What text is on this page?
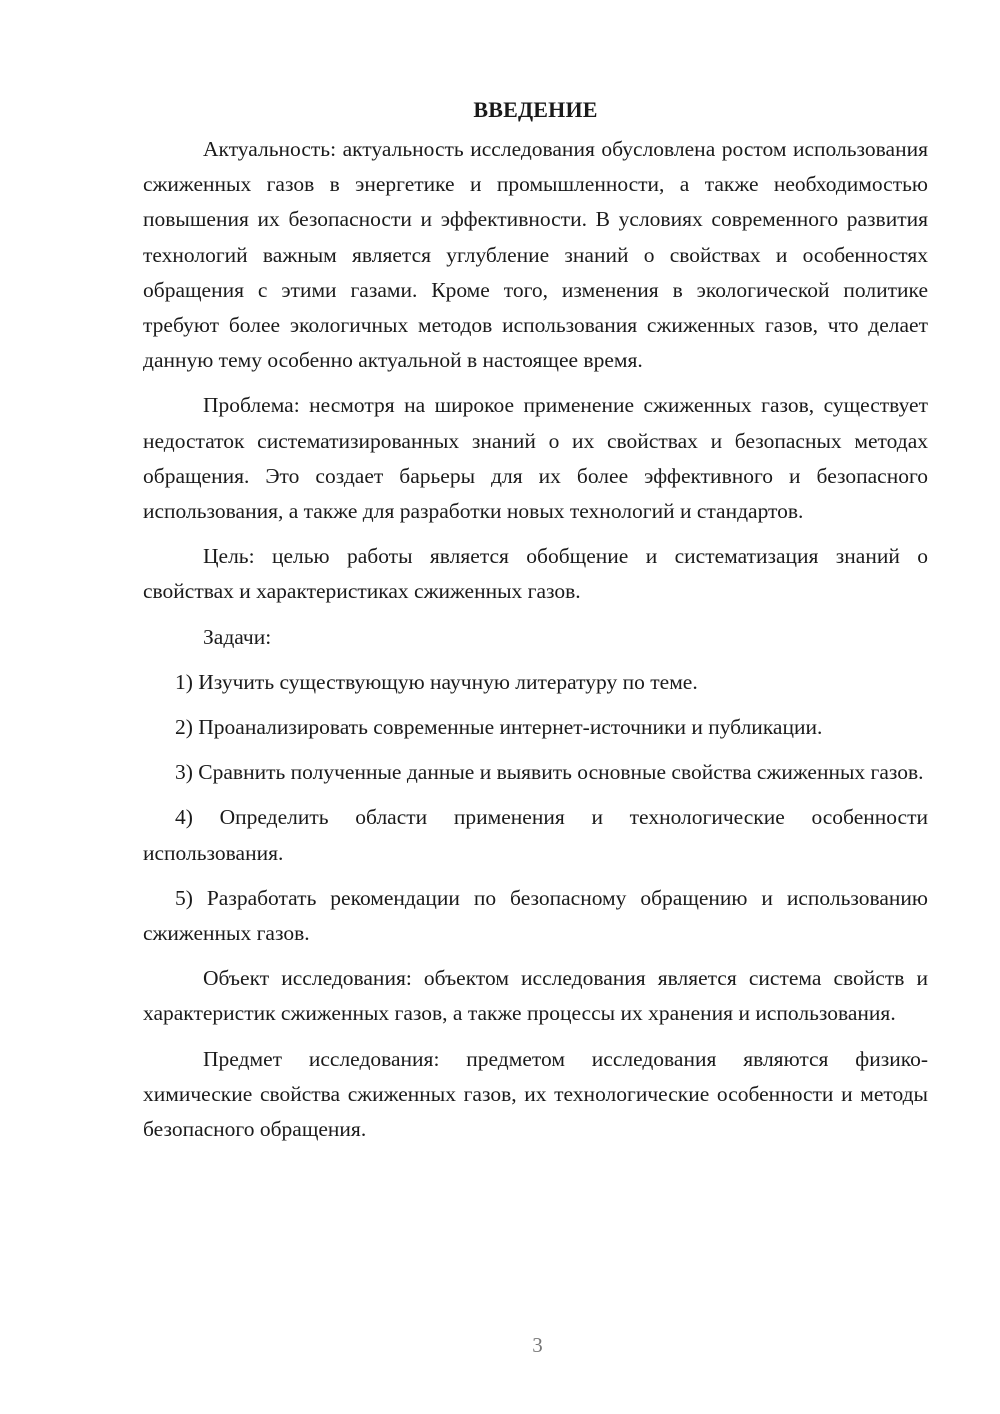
ВВЕДЕНИЕ

Актуальность: актуальность исследования обусловлена ростом использования сжиженных газов в энергетике и промышленности, а также необходимостью повышения их безопасности и эффективности. В условиях современного развития технологий важным является углубление знаний о свойствах и особенностях обращения с этими газами. Кроме того, изменения в экологической политике требуют более экологичных методов использования сжиженных газов, что делает данную тему особенно актуальной в настоящее время.

Проблема: несмотря на широкое применение сжиженных газов, существует недостаток систематизированных знаний о их свойствах и безопасных методах обращения. Это создает барьеры для их более эффективного и безопасного использования, а также для разработки новых технологий и стандартов.

Цель: целью работы является обобщение и систематизация знаний о свойствах и характеристиках сжиженных газов.

Задачи:

1) Изучить существующую научную литературу по теме.

2) Проанализировать современные интернет-источники и публикации.

3) Сравнить полученные данные и выявить основные свойства сжиженных газов.

4) Определить области применения и технологические особенности использования.

5) Разработать рекомендации по безопасному обращению и использованию сжиженных газов.

Объект исследования: объектом исследования является система свойств и характеристик сжиженных газов, а также процессы их хранения и использования.

Предмет исследования: предметом исследования являются физико-химические свойства сжиженных газов, их технологические особенности и методы безопасного обращения.

3
